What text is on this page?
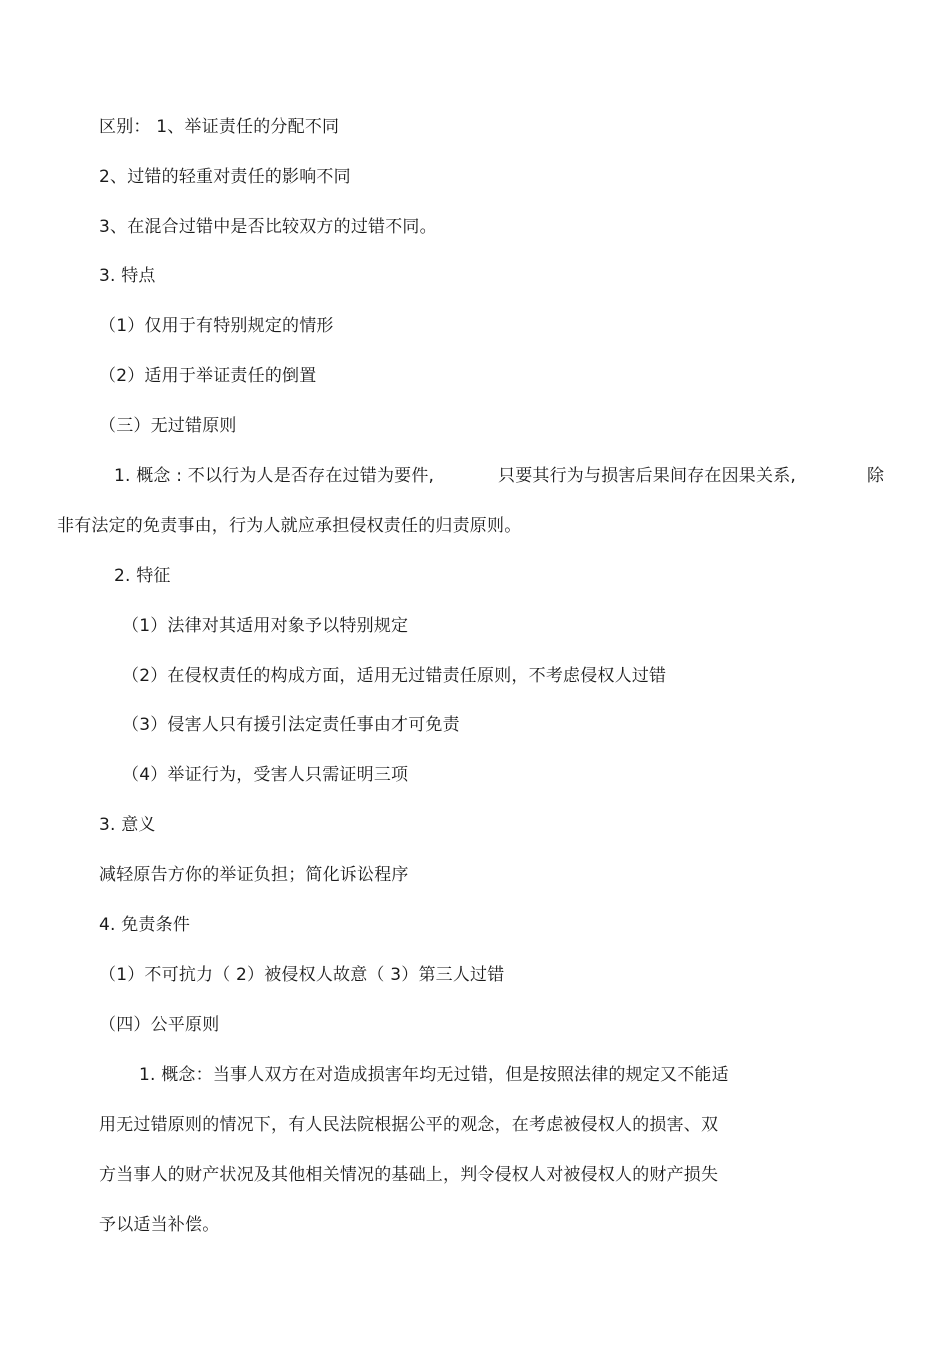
区别： 1、举证责任的分配不同
2、过错的轻重对责任的影响不同
3、在混合过错中是否比较双方的过错不同。
3. 特点
（1）仅用于有特别规定的情形
（2）适用于举证责任的倒置
（三）无过错原则
1. 概念 : 不以行为人是否存在过错为要件,	只要其行为与损害后果间存在因果关系,	除
非有法定的免责事由，行为人就应承担侵权责任的归责原则。
2. 特征
（1）法律对其适用对象予以特别规定
（2）在侵权责任的构成方面，适用无过错责任原则，不考虑侵权人过错
（3）侵害人只有援引法定责任事由才可免责
（4）举证行为，受害人只需证明三项
3. 意义
减轻原告方你的举证负担；简化诉讼程序
4. 免责条件
（1）不可抗力（ 2）被侵权人故意（ 3）第三人过错
（四）公平原则
1. 概念：当事人双方在对造成损害年均无过错，但是按照法律的规定又不能适
用无过错原则的情况下，有人民法院根据公平的观念，在考虑被侵权人的损害、双
方当事人的财产状况及其他相关情况的基础上，判令侵权人对被侵权人的财产损失
予以适当补偿。
